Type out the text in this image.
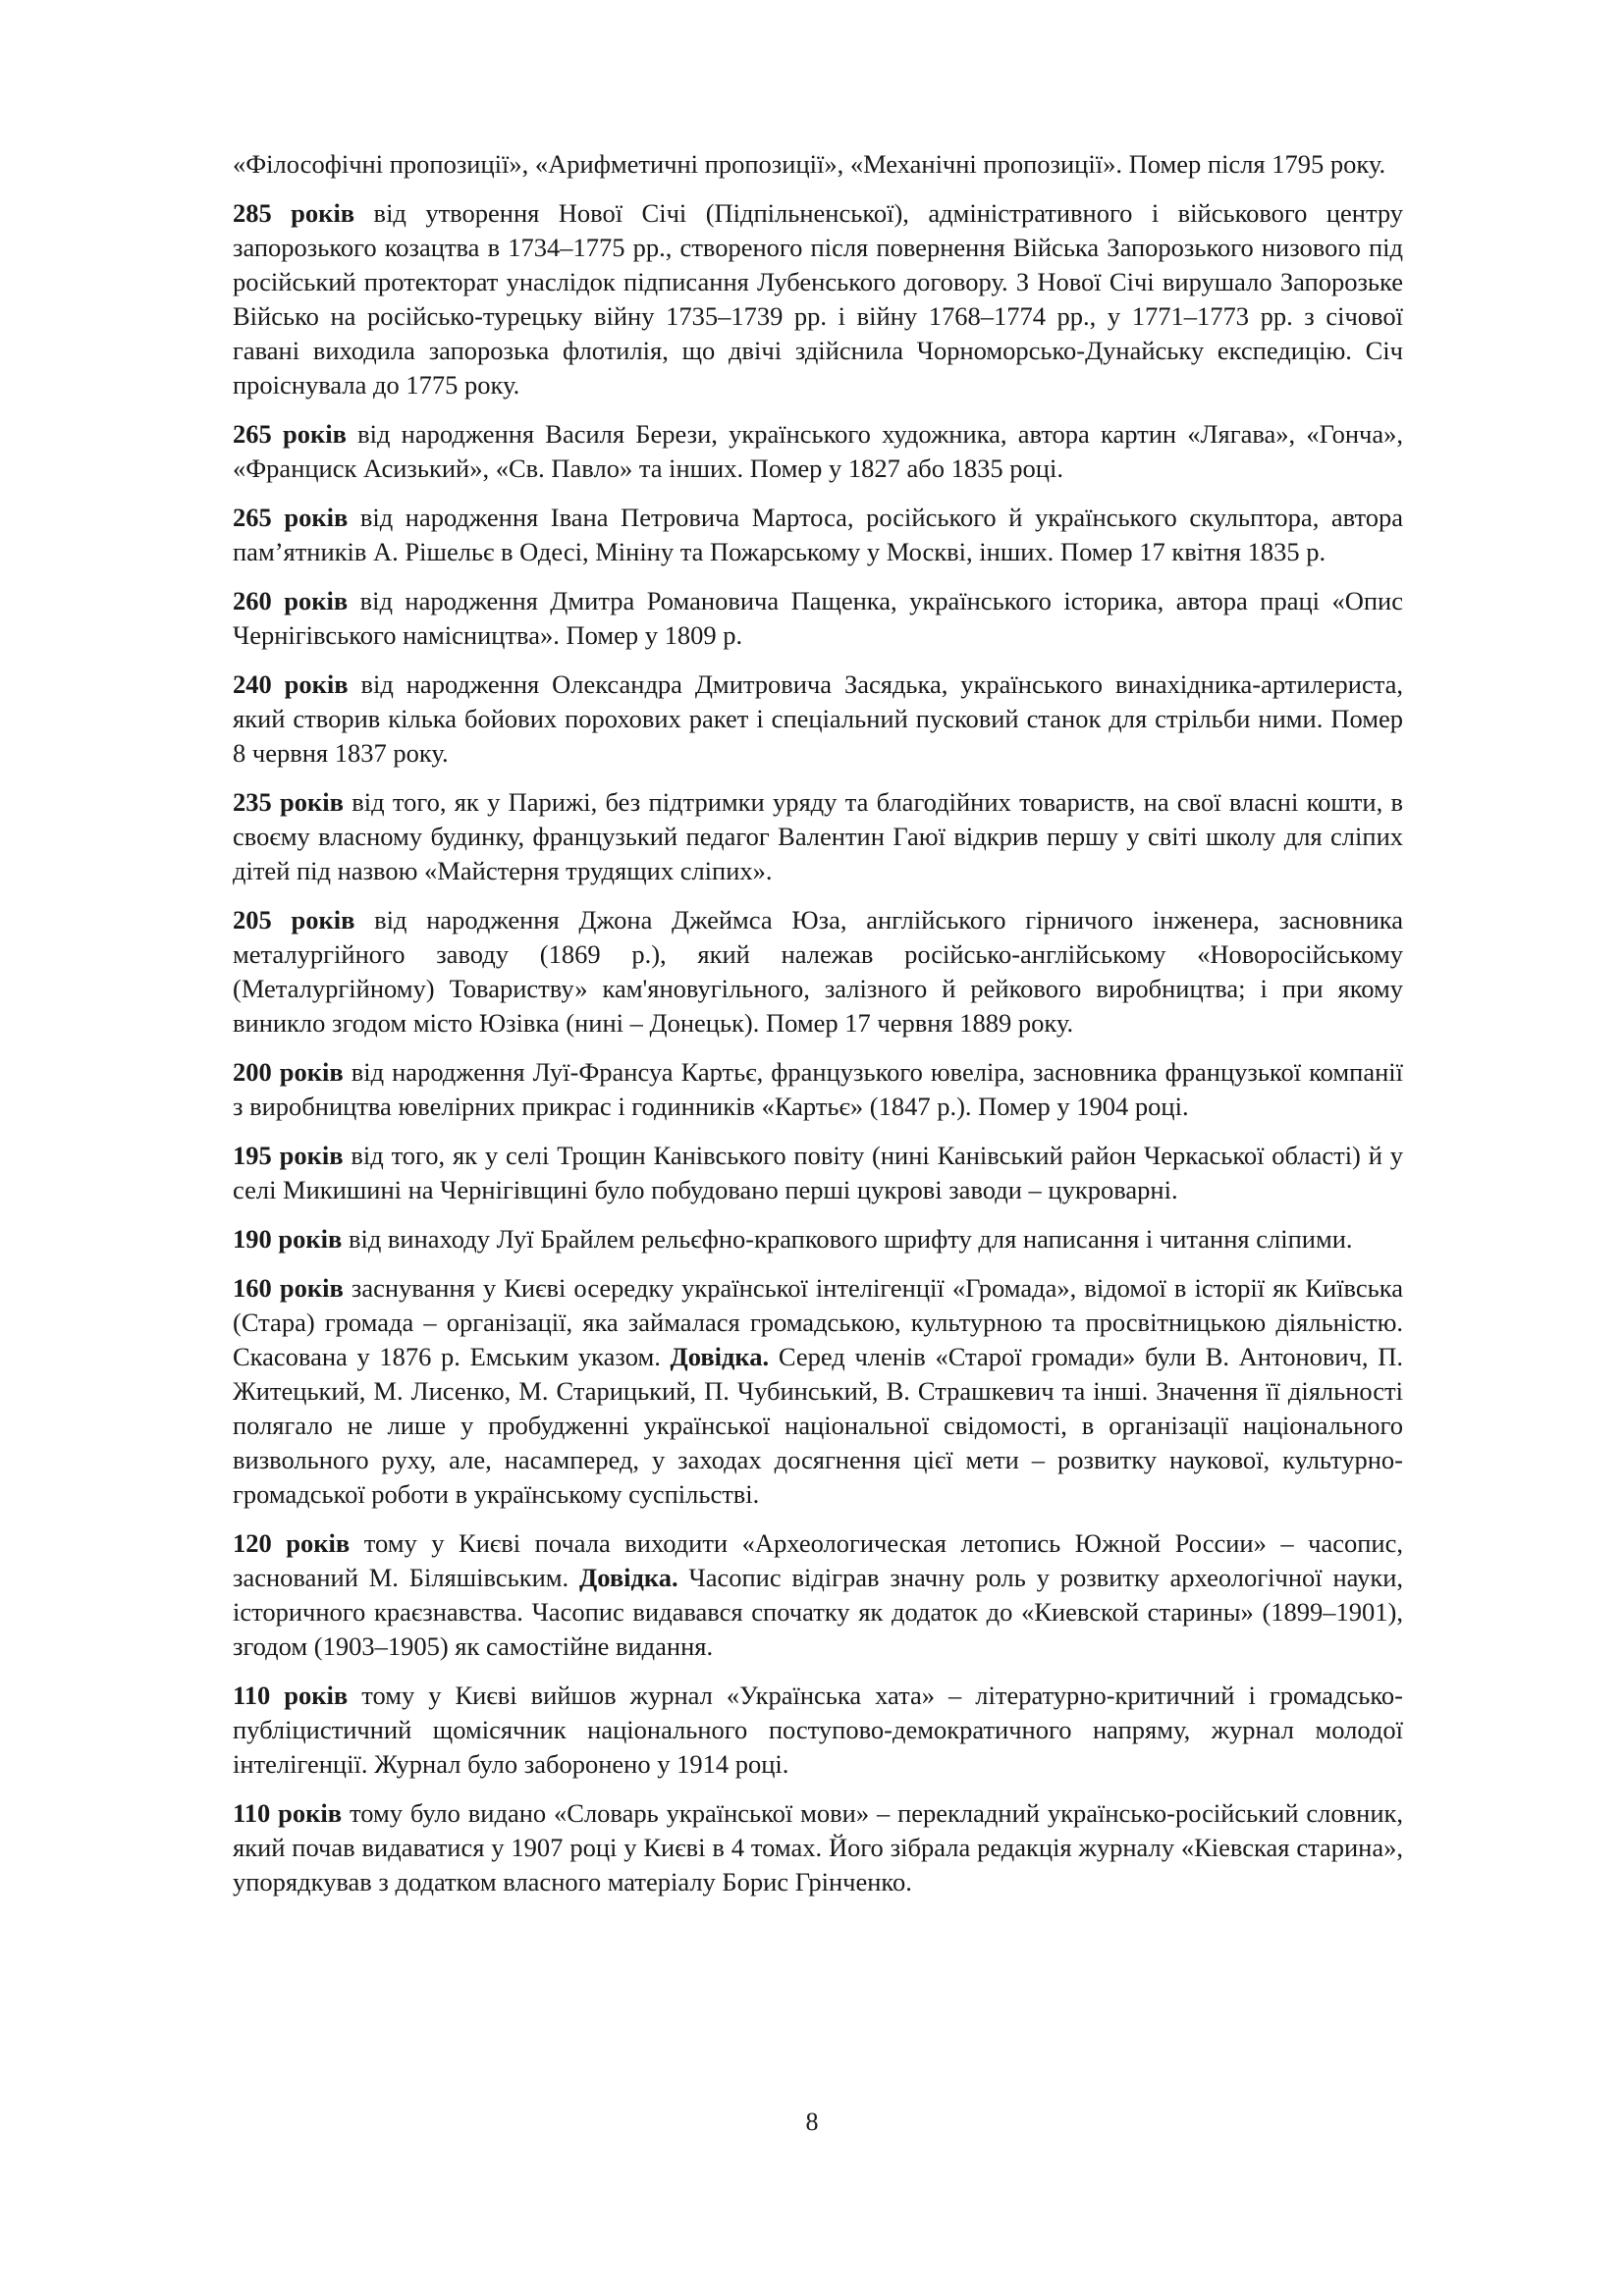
«Філософічні пропозиції», «Арифметичні пропозиції», «Механічні пропозиції». Помер після 1795 року.

285 років від утворення Нової Січі (Підпільненської), адміністративного і військового центру запорозького козацтва в 1734–1775 рр., створеного після повернення Війська Запорозького низового під російський протекторат унаслідок підписання Лубенського договору. З Нової Січі вирушало Запорозьке Військо на російсько-турецьку війну 1735–1739 рр. і війну 1768–1774 рр., у 1771–1773 рр. з січової гавані виходила запорозька флотилія, що двічі здійснила Чорноморсько-Дунайську експедицію. Січ проіснувала до 1775 року.

265 років від народження Василя Берези, українського художника, автора картин «Лягава», «Гонча», «Франциск Асизький», «Св. Павло» та інших. Помер у 1827 або 1835 році.

265 років від народження Івана Петровича Мартоса, російського й українського скульптора, автора пам’ятників А. Рішельє в Одесі, Мініну та Пожарському у Москві, інших. Помер 17 квітня 1835 р.

260 років від народження Дмитра Романовича Пащенка, українського історика, автора праці «Опис Чернігівського намісництва». Помер у 1809 р.

240 років від народження Олександра Дмитровича Засядька, українського винахідника-артилериста, який створив кілька бойових порохових ракет і спеціальний пусковий станок для стрільби ними. Помер 8 червня 1837 року.

235 років від того, як у Парижі, без підтримки уряду та благодійних товариств, на свої власні кошти, в своєму власному будинку, французький педагог Валентин Гаюї відкрив першу у світі школу для сліпих дітей під назвою «Майстерня трудящих сліпих».

205 років від народження Джона Джеймса Юза, англійського гірничого інженера, засновника металургійного заводу (1869 р.), який належав російсько-англійському «Новоросійському (Металургійному) Товариству» кам'яновугільного, залізного й рейкового виробництва; і при якому виникло згодом місто Юзівка (нині – Донецьк). Помер 17 червня 1889 року.

200 років від народження Луї-Франсуа Картьє, французького ювеліра, засновника французької компанії з виробництва ювелірних прикрас і годинників «Картьє» (1847 р.). Помер у 1904 році.

195 років від того, як у селі Трощин Канівського повіту (нині Канівський район Черкаської області) й у селі Микишині на Чернігівщині було побудовано перші цукрові заводи – цукроварні.

190 років від винаходу Луї Брайлем рельєфно-крапкового шрифту для написання і читання сліпими.

160 років заснування у Києві осередку української інтелігенції «Громада», відомої в історії як Київська (Стара) громада – організації, яка займалася громадською, культурною та просвітницькою діяльністю. Скасована у 1876 р. Емським указом. Довідка. Серед членів «Старої громади» були В. Антонович, П. Житецький, М. Лисенко, М. Старицький, П. Чубинський, В. Страшкевич та інші. Значення її діяльності полягало не лише у пробудженні української національної свідомості, в організації національного визвольного руху, але, насамперед, у заходах досягнення цієї мети – розвитку наукової, культурно-громадської роботи в українському суспільстві.

120 років тому у Києві почала виходити «Археологическая летопись Южной России» – часопис, заснований М. Біляшівським. Довідка. Часопис відіграв значну роль у розвитку археологічної науки, історичного краєзнавства. Часопис видавався спочатку як додаток до «Киевской старины» (1899–1901), згодом (1903–1905) як самостійне видання.

110 років тому у Києві вийшов журнал «Українська хата» – літературно-критичний і громадсько-публіцистичний щомісячник національного поступово-демократичного напряму, журнал молодої інтелігенції. Журнал було заборонено у 1914 році.

110 років тому було видано «Словарь української мови» – перекладний українсько-російський словник, який почав видаватися у 1907 році у Києві в 4 томах. Його зібрала редакція журналу «Кіевская старина», упорядкував з додатком власного матеріалу Борис Грінченко.

8
